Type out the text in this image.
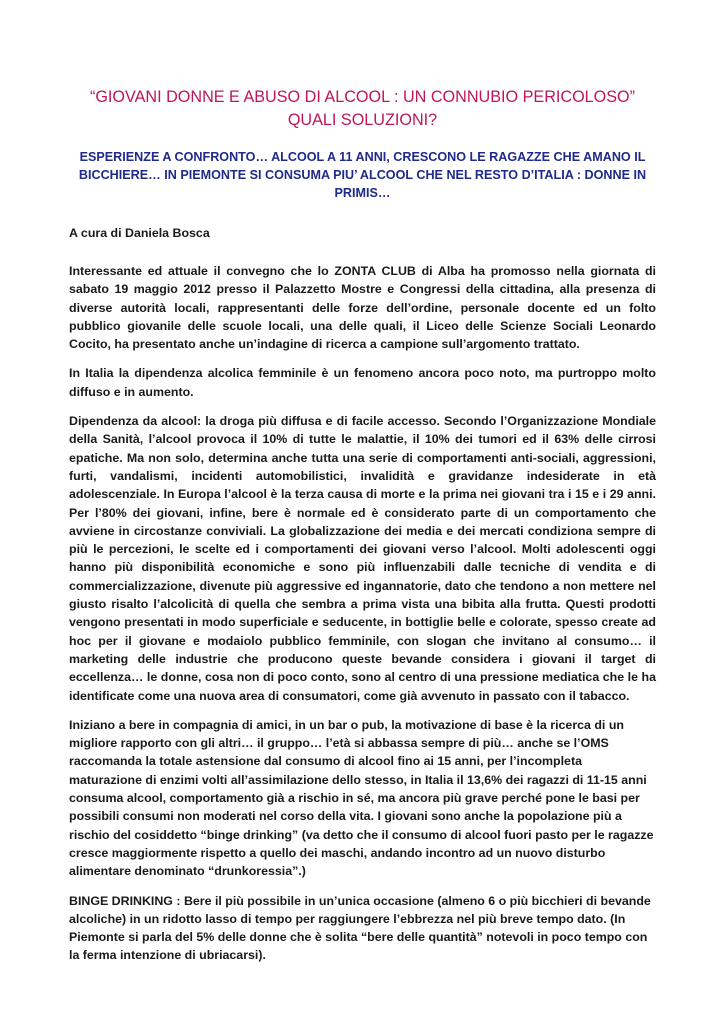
“GIOVANI DONNE E ABUSO DI ALCOOL : UN CONNUBIO PERICOLOSO” QUALI SOLUZIONI?
ESPERIENZE A CONFRONTO… ALCOOL A 11 ANNI, CRESCONO LE RAGAZZE CHE AMANO IL BICCHIERE… IN PIEMONTE SI CONSUMA PIU’ ALCOOL CHE NEL RESTO D’ITALIA : DONNE IN PRIMIS…
A cura di Daniela Bosca

Interessante ed attuale il convegno che lo ZONTA CLUB di Alba ha promosso nella giornata di sabato 19 maggio 2012 presso il Palazzetto Mostre e Congressi della cittadina, alla presenza di diverse autorità locali, rappresentanti delle forze dell’ordine, personale docente ed un folto pubblico giovanile delle scuole locali, una delle quali, il Liceo delle Scienze Sociali Leonardo Cocito, ha presentato anche un’indagine di ricerca a campione sull’argomento trattato.

In Italia la dipendenza alcolica femminile è un fenomeno ancora poco noto, ma purtroppo molto diffuso e in aumento.

Dipendenza da alcool: la droga più diffusa e di facile accesso. Secondo l’Organizzazione Mondiale della Sanità, l’alcool provoca il 10% di tutte le malattie, il 10% dei tumori ed il 63% delle cirrosi epatiche. Ma non solo, determina anche tutta una serie di comportamenti anti-sociali, aggressioni, furti, vandalismi, incidenti automobilistici, invalidità e gravidanze indesiderate in età adolescenziale. In Europa l’alcool è la terza causa di morte e la prima nei giovani tra i 15 e i 29 anni. Per l’80% dei giovani, infine, bere è normale ed è considerato parte di un comportamento che avviene in circostanze conviviali. La globalizzazione dei media e dei mercati condiziona sempre di più le percezioni, le scelte ed i comportamenti dei giovani verso l’alcool. Molti adolescenti oggi hanno più disponibilità economiche e sono più influenzabili dalle tecniche di vendita e di commercializzazione, divenute più aggressive ed ingannatorie, dato che tendono a non mettere nel giusto risalto l’alcolicità di quella che sembra a prima vista una bibita alla frutta. Questi prodotti vengono presentati in modo superficiale e seducente, in bottiglie belle e colorate, spesso create ad hoc per il giovane e modaiolo pubblico femminile, con slogan che invitano al consumo… il marketing delle industrie che producono queste bevande considera i giovani il target di eccellenza… le donne, cosa non di poco conto, sono al centro di una pressione mediatica che le ha identificate come una nuova area di consumatori, come già avvenuto in passato con il tabacco.

Iniziano a bere in compagnia di amici, in un bar o pub, la motivazione di base è la ricerca di un migliore rapporto con gli altri… il gruppo… l’età si abbassa sempre di più… anche se l’OMS raccomanda la totale astensione dal consumo di alcool fino ai 15 anni, per l’incompleta maturazione di enzimi volti all’assimilazione dello stesso, in Italia il 13,6% dei ragazzi di 11-15 anni consuma alcool, comportamento già a rischio in sé, ma ancora più grave perché pone le basi per possibili consumi non moderati nel corso della vita. I giovani sono anche la popolazione più a rischio del cosiddetto “binge drinking” (va detto che il consumo di alcool fuori pasto per le ragazze cresce maggiormente rispetto a quello dei maschi, andando incontro ad un nuovo disturbo alimentare denominato “drunkoressia”.)

BINGE DRINKING : Bere il più possibile in un’unica occasione (almeno 6 o più bicchieri di bevande alcoliche) in un ridotto lasso di tempo per raggiungere l’ebbrezza nel più breve tempo dato. (In Piemonte si parla del 5% delle donne che è solita “bere delle quantità” notevoli in poco tempo con la ferma intenzione di ubriacarsi).
